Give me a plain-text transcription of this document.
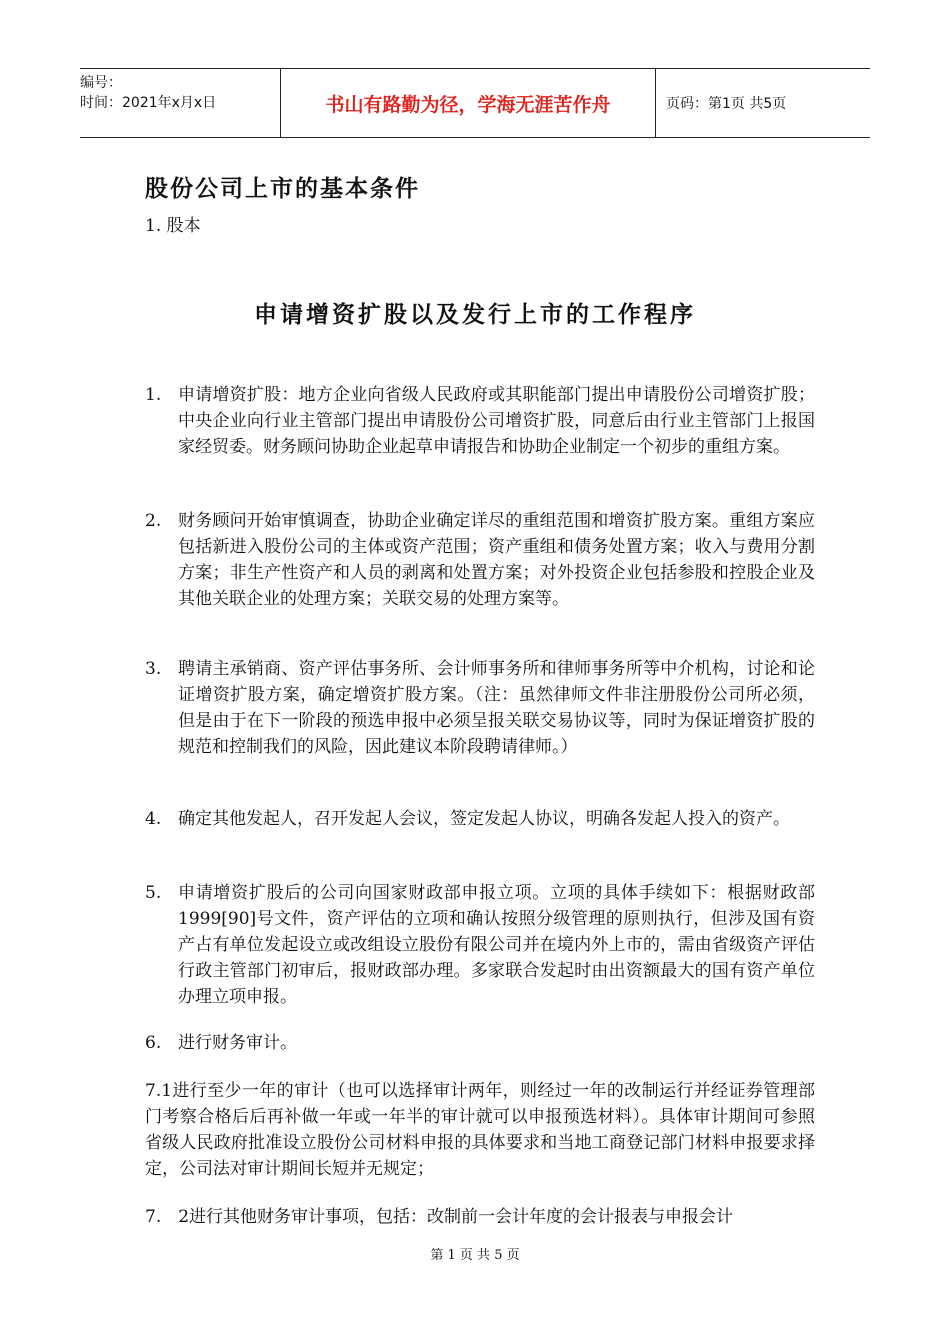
编号：
时间：2021年x月x日	书山有路勤为径，学海无涯苦作舟	页码：第1页 共5页
股份公司上市的基本条件
1. 股本
申请增资扩股以及发行上市的工作程序
1. 申请增资扩股：地方企业向省级人民政府或其职能部门提出申请股份公司增资扩股；中央企业向行业主管部门提出申请股份公司增资扩股，同意后由行业主管部门上报国家经贸委。财务顾问协助企业起草申请报告和协助企业制定一个初步的重组方案。
2. 财务顾问开始审慎调查，协助企业确定详尽的重组范围和增资扩股方案。重组方案应包括新进入股份公司的主体或资产范围；资产重组和债务处置方案；收入与费用分割方案；非生产性资产和人员的剥离和处置方案；对外投资企业包括参股和控股企业及其他关联企业的处理方案；关联交易的处理方案等。
3. 聘请主承销商、资产评估事务所、会计师事务所和律师事务所等中介机构，讨论和论证增资扩股方案，确定增资扩股方案。（注：虽然律师文件非注册股份公司所必须，但是由于在下一阶段的预选申报中必须呈报关联交易协议等，同时为保证增资扩股的规范和控制我们的风险，因此建议本阶段聘请律师。）
4. 确定其他发起人，召开发起人会议，签定发起人协议，明确各发起人投入的资产。
5. 申请增资扩股后的公司向国家财政部申报立项。立项的具体手续如下：根据财政部1999[90]号文件，资产评估的立项和确认按照分级管理的原则执行，但涉及国有资产占有单位发起设立或改组设立股份有限公司并在境内外上市的，需由省级资产评估行政主管部门初审后，报财政部办理。多家联合发起时由出资额最大的国有资产单位办理立项申报。
6. 进行财务审计。
7.1进行至少一年的审计（也可以选择审计两年，则经过一年的改制运行并经证券管理部门考察合格后后再补做一年或一年半的审计就可以申报预选材料）。具体审计期间可参照省级人民政府批准设立股份公司材料申报的具体要求和当地工商登记部门材料申报要求择定，公司法对审计期间长短并无规定；
7.　2进行其他财务审计事项，包括：改制前一会计年度的会计报表与申报会计
第 1 页 共 5 页
